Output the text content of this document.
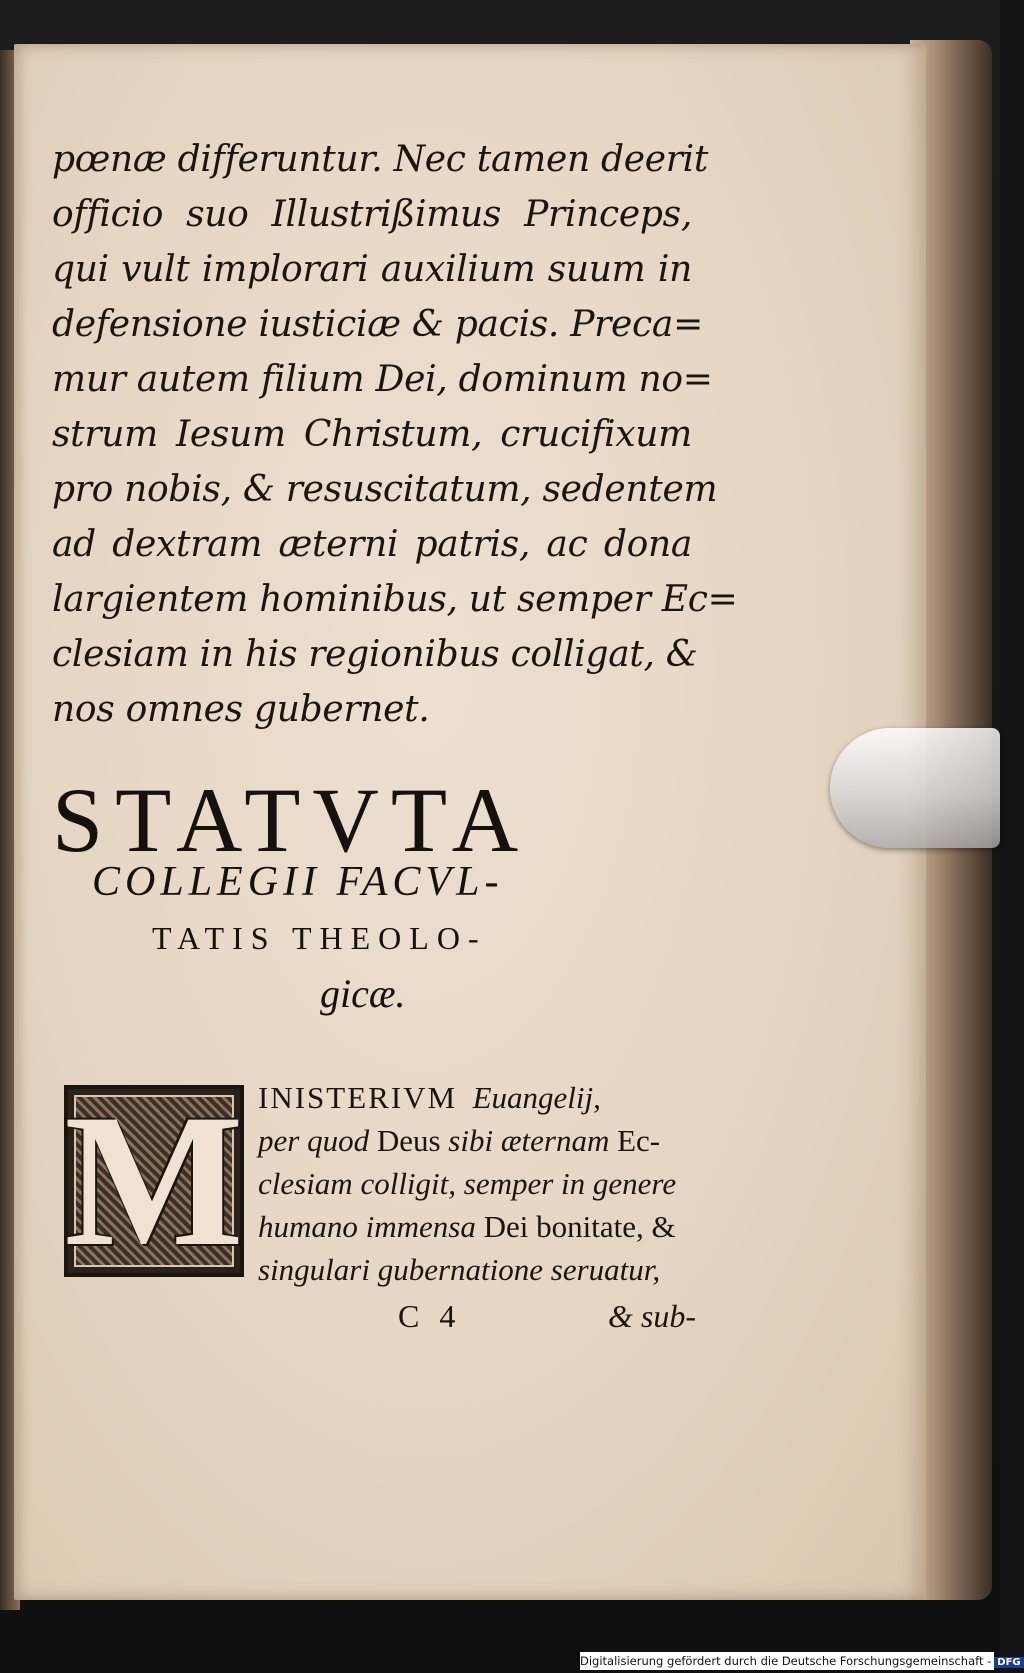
pœnæ differuntur. Nec tamen deerit
officio suo Illustrißimus Princeps,
qui vult implorari auxilium suum in
defensione iusticiæ & pacis. Preca=
mur autem filium Dei, dominum no=
strum Iesum Christum, crucifixum
pro nobis, & resuscitatum, sedentem
ad dextram æterni patris, ac dona
largientem hominibus, ut semper Ec=
clesiam in his regionibus colligat, &
nos omnes gubernet.
STATVTA
COLLEGII FACVL-
TATIS THEOLO-
gicæ.
M INISTERIVM Euangelij,
per quod Deus sibi æternam Ec-
clesiam colligit, semper in genere
humano immensa Dei bonitate, &
singulari gubernatione seruatur,
C 4	& sub-
Digitalisierung gefördert durch die Deutsche Forschungsgemeinschaft - DFG
